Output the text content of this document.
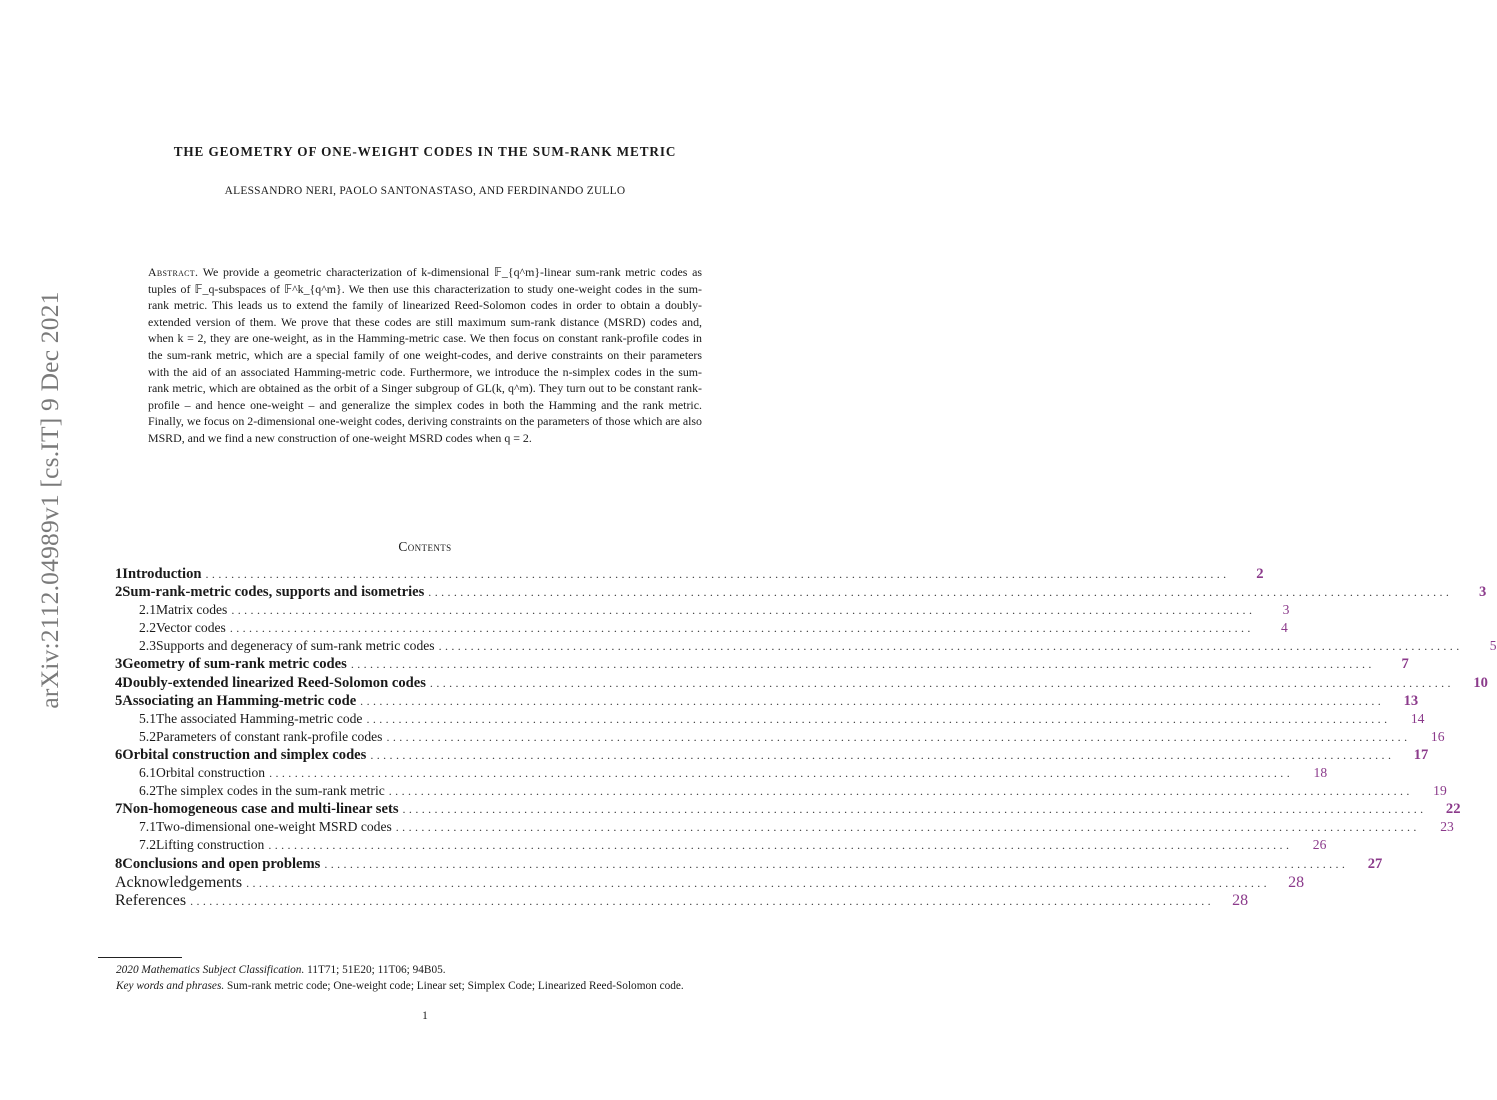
arXiv:2112.04989v1 [cs.IT] 9 Dec 2021
THE GEOMETRY OF ONE-WEIGHT CODES IN THE SUM-RANK METRIC
ALESSANDRO NERI, PAOLO SANTONASTASO, AND FERDINANDO ZULLO
Abstract. We provide a geometric characterization of k-dimensional 𝔽_{q^m}-linear sum-rank metric codes as tuples of 𝔽_q-subspaces of 𝔽^k_{q^m}. We then use this characterization to study one-weight codes in the sum-rank metric. This leads us to extend the family of linearized Reed-Solomon codes in order to obtain a doubly-extended version of them. We prove that these codes are still maximum sum-rank distance (MSRD) codes and, when k = 2, they are one-weight, as in the Hamming-metric case. We then focus on constant rank-profile codes in the sum-rank metric, which are a special family of one weight-codes, and derive constraints on their parameters with the aid of an associated Hamming-metric code. Furthermore, we introduce the n-simplex codes in the sum-rank metric, which are obtained as the orbit of a Singer subgroup of GL(k, q^m). They turn out to be constant rank-profile – and hence one-weight – and generalize the simplex codes in both the Hamming and the rank metric. Finally, we focus on 2-dimensional one-weight codes, deriving constraints on the parameters of those which are also MSRD, and we find a new construction of one-weight MSRD codes when q = 2.
Contents
1 Introduction ................................................................................................................................................................	2
2 Sum-rank-metric codes, supports and isometries ................................................................................................................................................................	3
2.1 Matrix codes ................................................................................................................................................................	3
2.2 Vector codes ................................................................................................................................................................	4
2.3 Supports and degeneracy of sum-rank metric codes ................................................................................................................................................................	5
3 Geometry of sum-rank metric codes ................................................................................................................................................................	7
4 Doubly-extended linearized Reed-Solomon codes ................................................................................................................................................................	10
5 Associating an Hamming-metric code ................................................................................................................................................................	13
5.1 The associated Hamming-metric code ................................................................................................................................................................	14
5.2 Parameters of constant rank-profile codes ................................................................................................................................................................	16
6 Orbital construction and simplex codes ................................................................................................................................................................	17
6.1 Orbital construction ................................................................................................................................................................	18
6.2 The simplex codes in the sum-rank metric ................................................................................................................................................................	19
7 Non-homogeneous case and multi-linear sets ................................................................................................................................................................	22
7.1 Two-dimensional one-weight MSRD codes ................................................................................................................................................................	23
7.2 Lifting construction ................................................................................................................................................................	26
8 Conclusions and open problems ................................................................................................................................................................	27
Acknowledgements ................................................................................................................................................................	28
References ................................................................................................................................................................	28
2020 Mathematics Subject Classification. 11T71; 51E20; 11T06; 94B05.
Key words and phrases. Sum-rank metric code; One-weight code; Linear set; Simplex Code; Linearized Reed-Solomon code.
1
